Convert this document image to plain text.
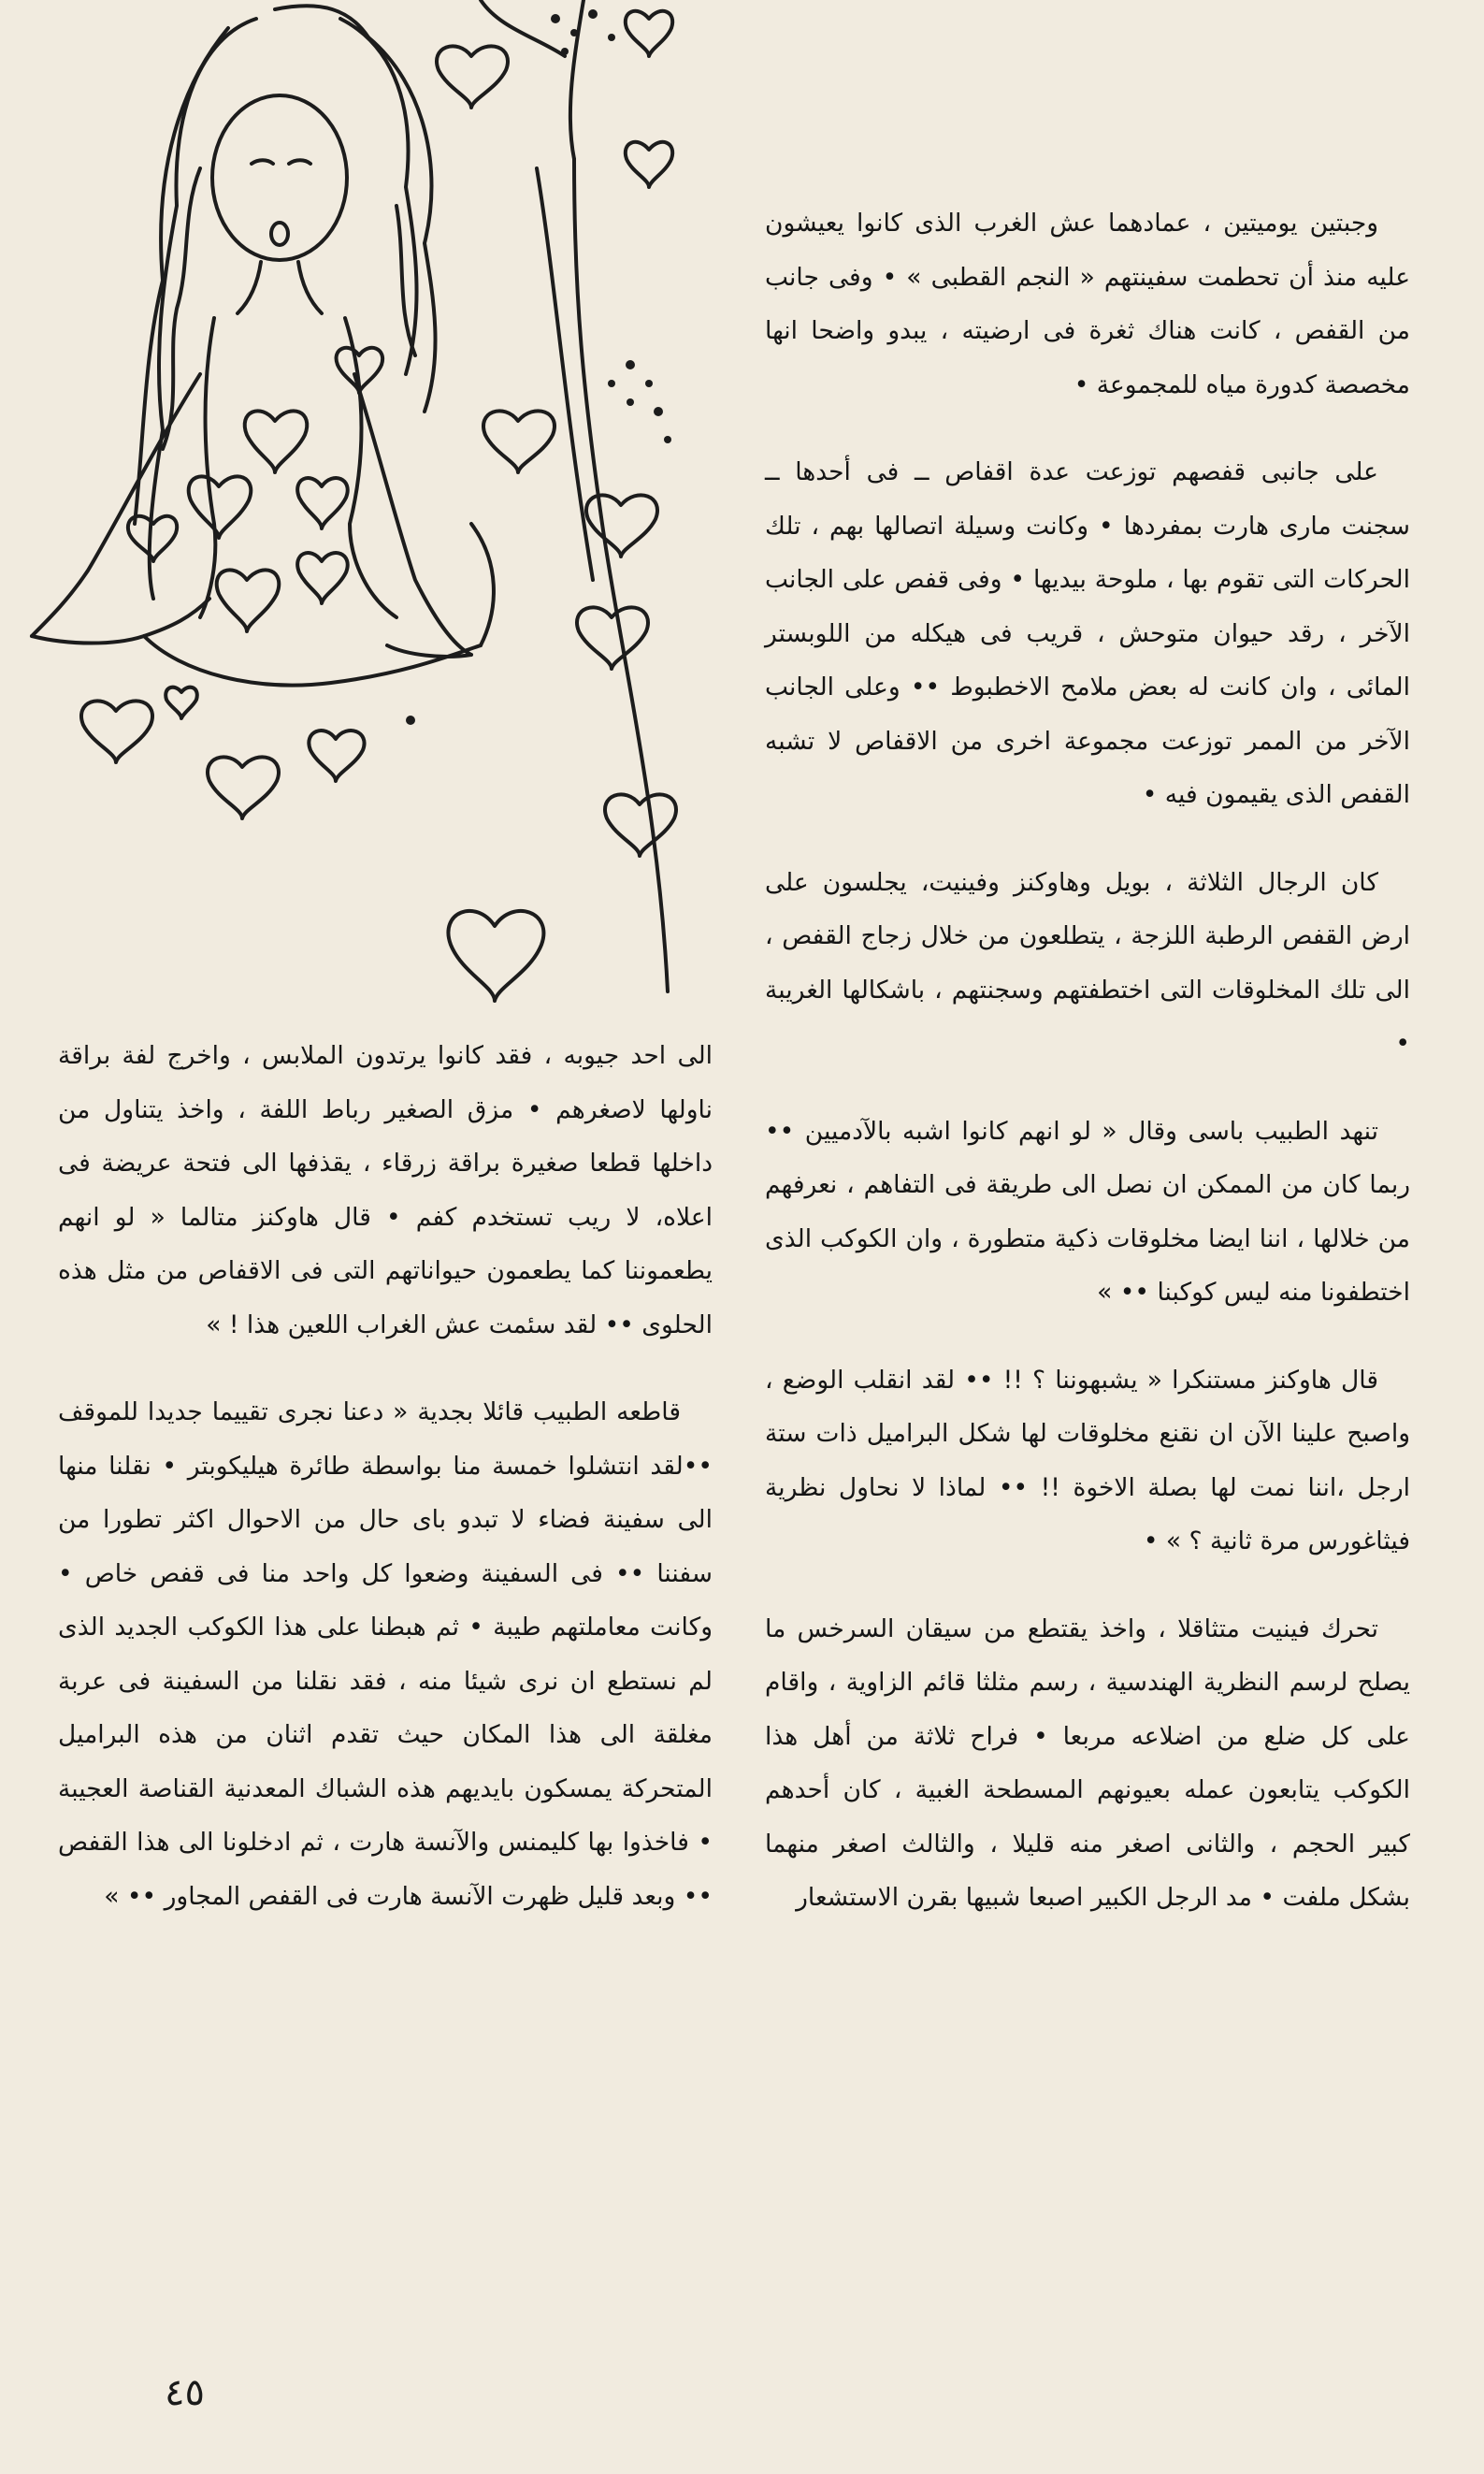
وجبتين يوميتين ، عمادهما عش الغرب الذى كانوا يعيشون عليه منذ أن تحطمت سفينتهم « النجم القطبى » • وفى جانب من القفص ، كانت هناك ثغرة فى ارضيته ، يبدو واضحا انها مخصصة كدورة مياه للمجموعة •

على جانبى قفصهم توزعت عدة اقفاص ــ فى أحدها ــ سجنت مارى هارت بمفردها • وكانت وسيلة اتصالها بهم ، تلك الحركات التى تقوم بها ، ملوحة بيديها • وفى قفص على الجانب الآخر ، رقد حيوان متوحش ، قريب فى هيكله من اللوبستر المائى ، وان كانت له بعض ملامح الاخطبوط •• وعلى الجانب الآخر من الممر توزعت مجموعة اخرى من الاقفاص لا تشبه القفص الذى يقيمون فيه •

كان الرجال الثلاثة ، بويل وهاوكنز وفينيت، يجلسون على ارض القفص الرطبة اللزجة ، يتطلعون من خلال زجاج القفص ، الى تلك المخلوقات التى اختطفتهم وسجنتهم ، باشكالها الغريبة •

تنهد الطبيب باسى وقال « لو انهم كانوا اشبه بالآدميين •• ربما كان من الممكن ان نصل الى طريقة فى التفاهم ، نعرفهم من خلالها ، اننا ايضا مخلوقات ذكية متطورة ، وان الكوكب الذى اختطفونا منه ليس كوكبنا •• »

قال هاوكنز مستنكرا « يشبهوننا ؟ !! •• لقد انقلب الوضع ، واصبح علينا الآن ان نقنع مخلوقات لها شكل البراميل ذات ستة ارجل ،اننا نمت لها بصلة الاخوة !! •• لماذا لا نحاول نظرية فيثاغورس مرة ثانية ؟ » •

تحرك فينيت متثاقلا ، واخذ يقتطع من سيقان السرخس ما يصلح لرسم النظرية الهندسية ، رسم مثلثا قائم الزاوية ، واقام على كل ضلع من اضلاعه مربعا • فراح ثلاثة من أهل هذا الكوكب يتابعون عمله بعيونهم المسطحة الغبية ، كان أحدهم كبير الحجم ، والثانى اصغر منه قليلا ، والثالث اصغر منهما بشكل ملفت • مد الرجل الكبير اصبعا شبيها بقرن الاستشعار

الى احد جيوبه ، فقد كانوا يرتدون الملابس ، واخرج لفة براقة ناولها لاصغرهم • مزق الصغير رباط اللفة ، واخذ يتناول من داخلها قطعا صغيرة براقة زرقاء ، يقذفها الى فتحة عريضة فى اعلاه، لا ريب تستخدم كفم • قال هاوكنز متالما « لو انهم يطعموننا كما يطعمون حيواناتهم التى فى الاقفاص من مثل هذه الحلوى •• لقد سئمت عش الغراب اللعين هذا ! »

قاطعه الطبيب قائلا بجدية « دعنا نجرى تقييما جديدا للموقف ••لقد انتشلوا خمسة منا بواسطة طائرة هيليكوبتر • نقلنا منها الى سفينة فضاء لا تبدو باى حال من الاحوال اكثر تطورا من سفننا •• فى السفينة وضعوا كل واحد منا فى قفص خاص • وكانت معاملتهم طيبة • ثم هبطنا على هذا الكوكب الجديد الذى لم نستطع ان نرى شيئا منه ، فقد نقلنا من السفينة فى عربة مغلقة الى هذا المكان حيث تقدم اثنان من هذه البراميل المتحركة يمسكون بايديهم هذه الشباك المعدنية القناصة العجيبة • فاخذوا بها كليمنس والآنسة هارت ، ثم ادخلونا الى هذا القفص •• وبعد قليل ظهرت الآنسة هارت فى القفص المجاور •• »

٤٥
